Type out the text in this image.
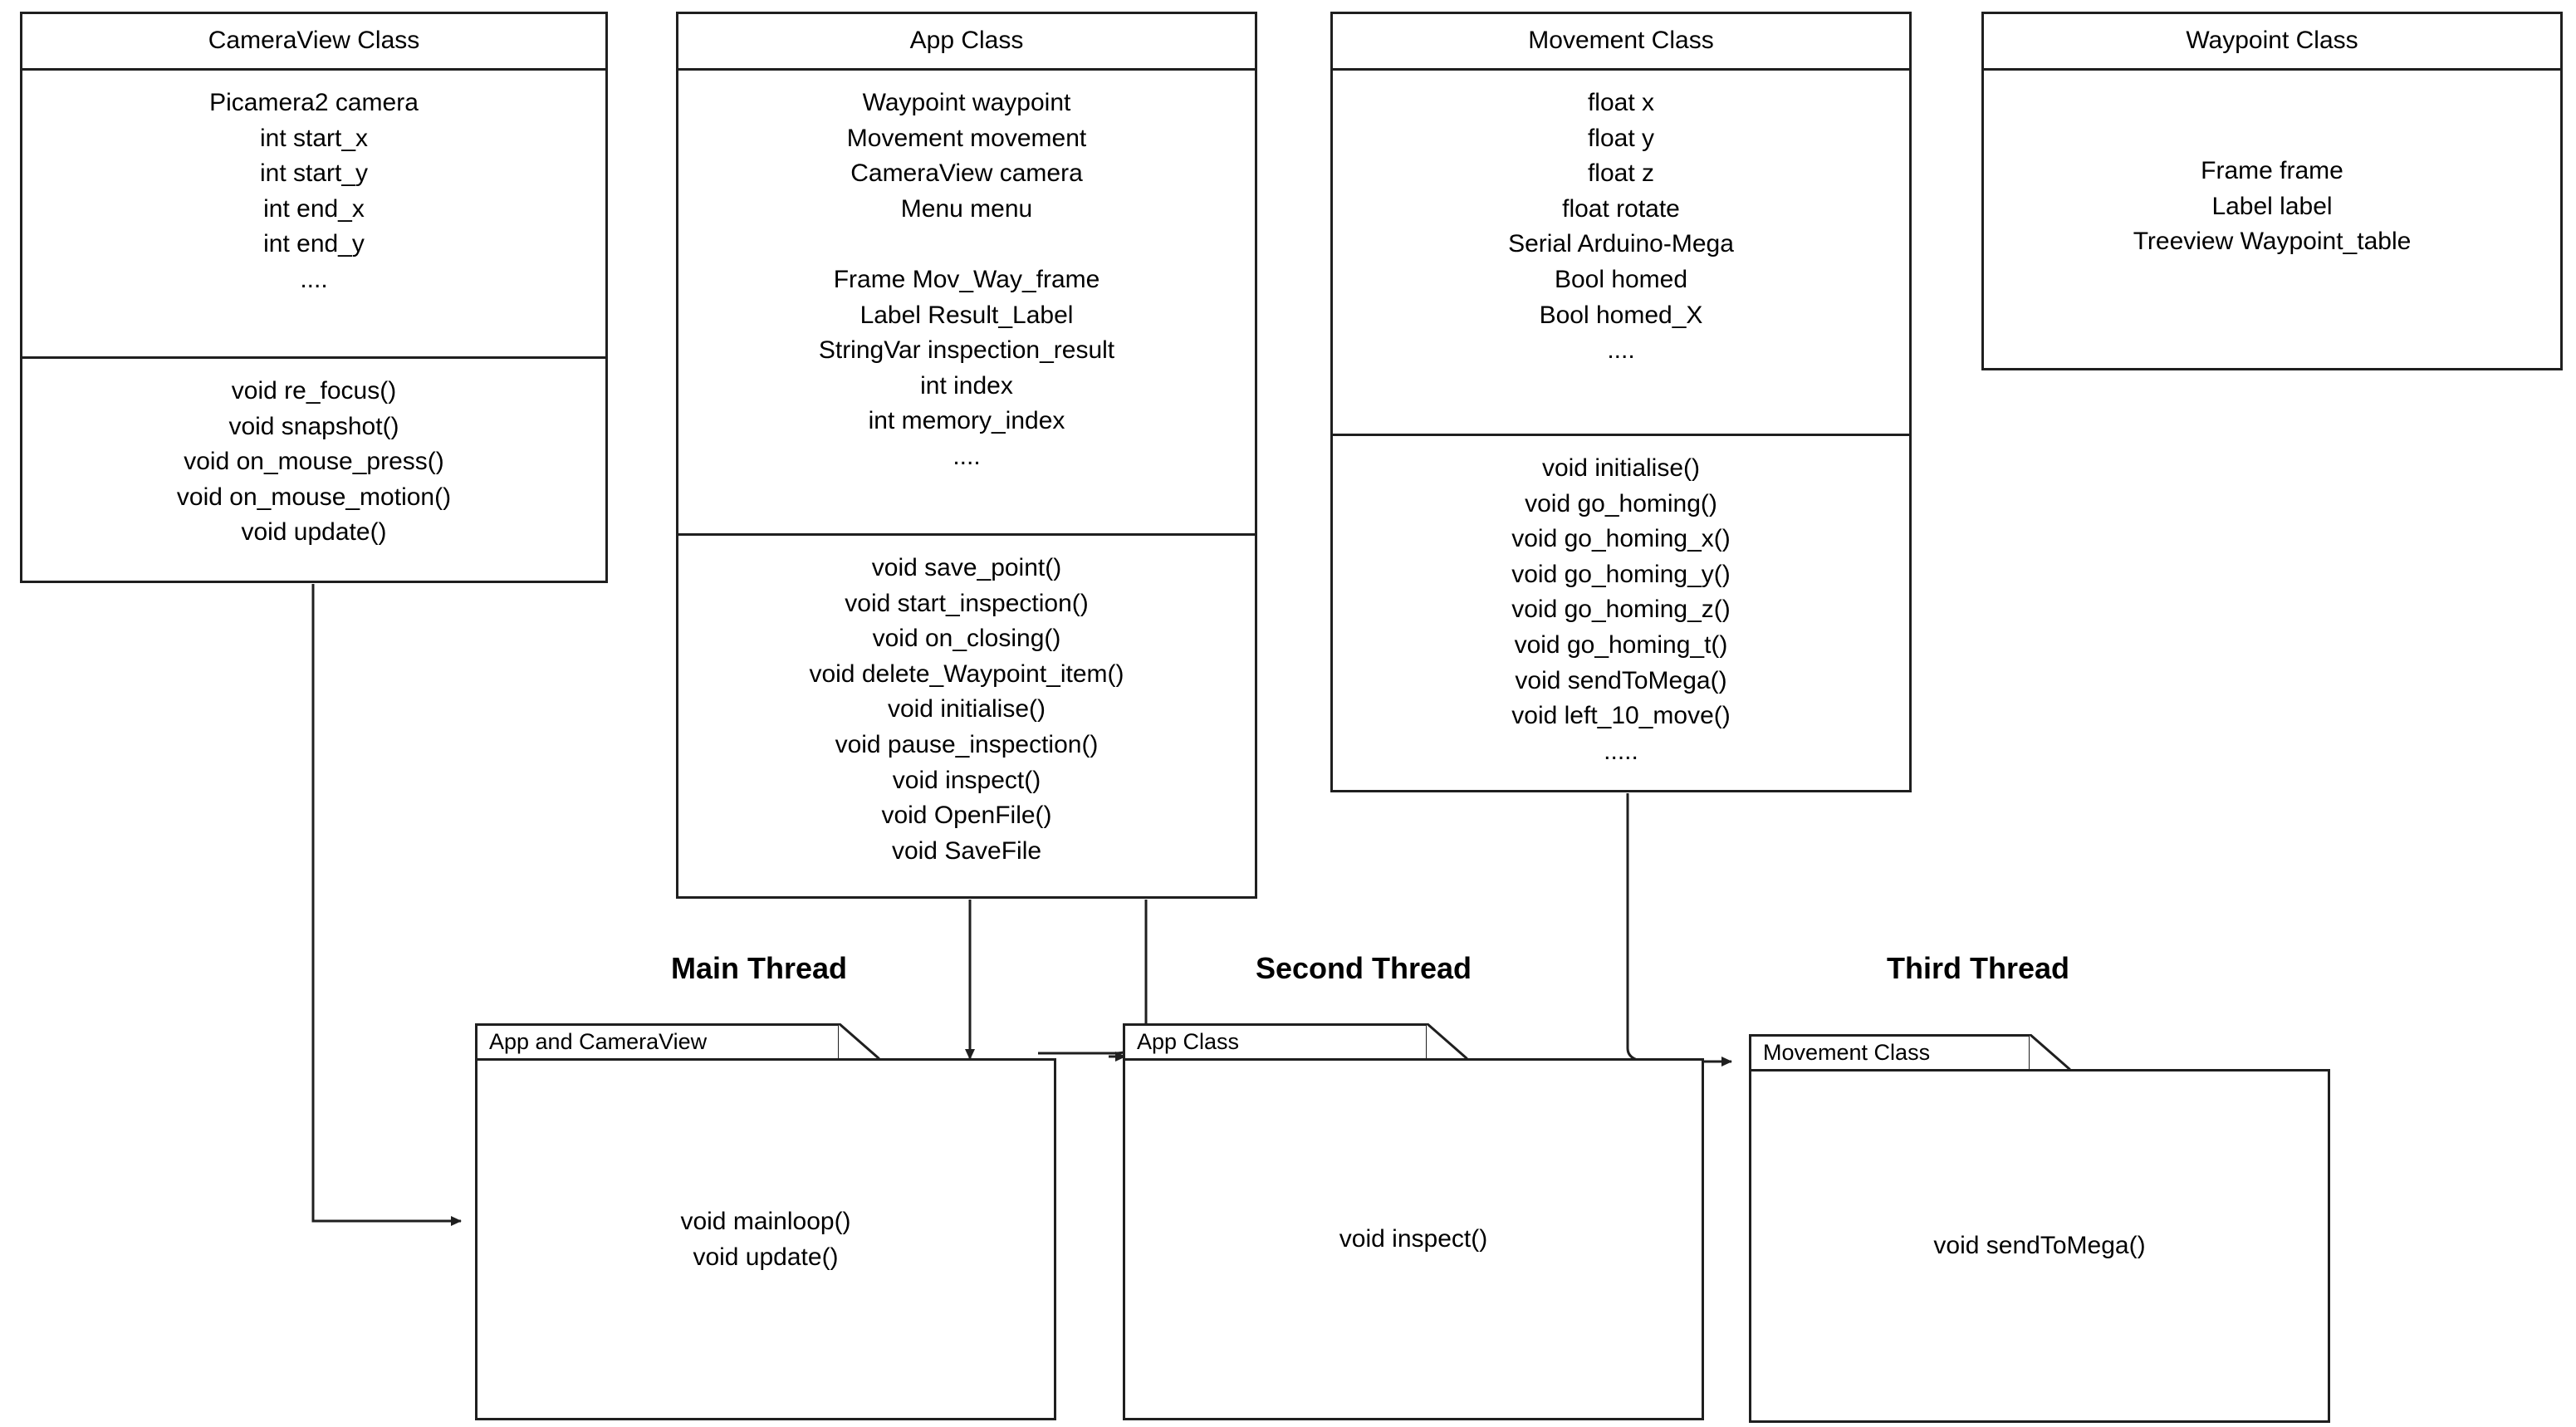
CameraView Class
Picamera2 camera
int start_x
int start_y
int end_x
int end_y
....
void re_focus()
void snapshot()
void on_mouse_press()
void on_mouse_motion()
void update()
App Class
Waypoint waypoint
Movement movement
CameraView camera
Menu menu

Frame Mov_Way_frame
Label Result_Label
StringVar inspection_result
int index
int memory_index
....
void save_point()
void start_inspection()
void on_closing()
void delete_Waypoint_item()
void initialise()
void pause_inspection()
void inspect()
void OpenFile()
void SaveFile
Movement Class
float x
float y
float z
float rotate
Serial Arduino-Mega
Bool homed
Bool homed_X
....
void initialise()
void go_homing()
void go_homing_x()
void go_homing_y()
void go_homing_z()
void go_homing_t()
void sendToMega()
void left_10_move()
.....
Waypoint Class
Frame frame
Label label
Treeview Waypoint_table
Main Thread	Second Thread	Third Thread
App and CameraView
void mainloop()
void update()
App Class
void inspect()
Movement Class
void sendToMega()
